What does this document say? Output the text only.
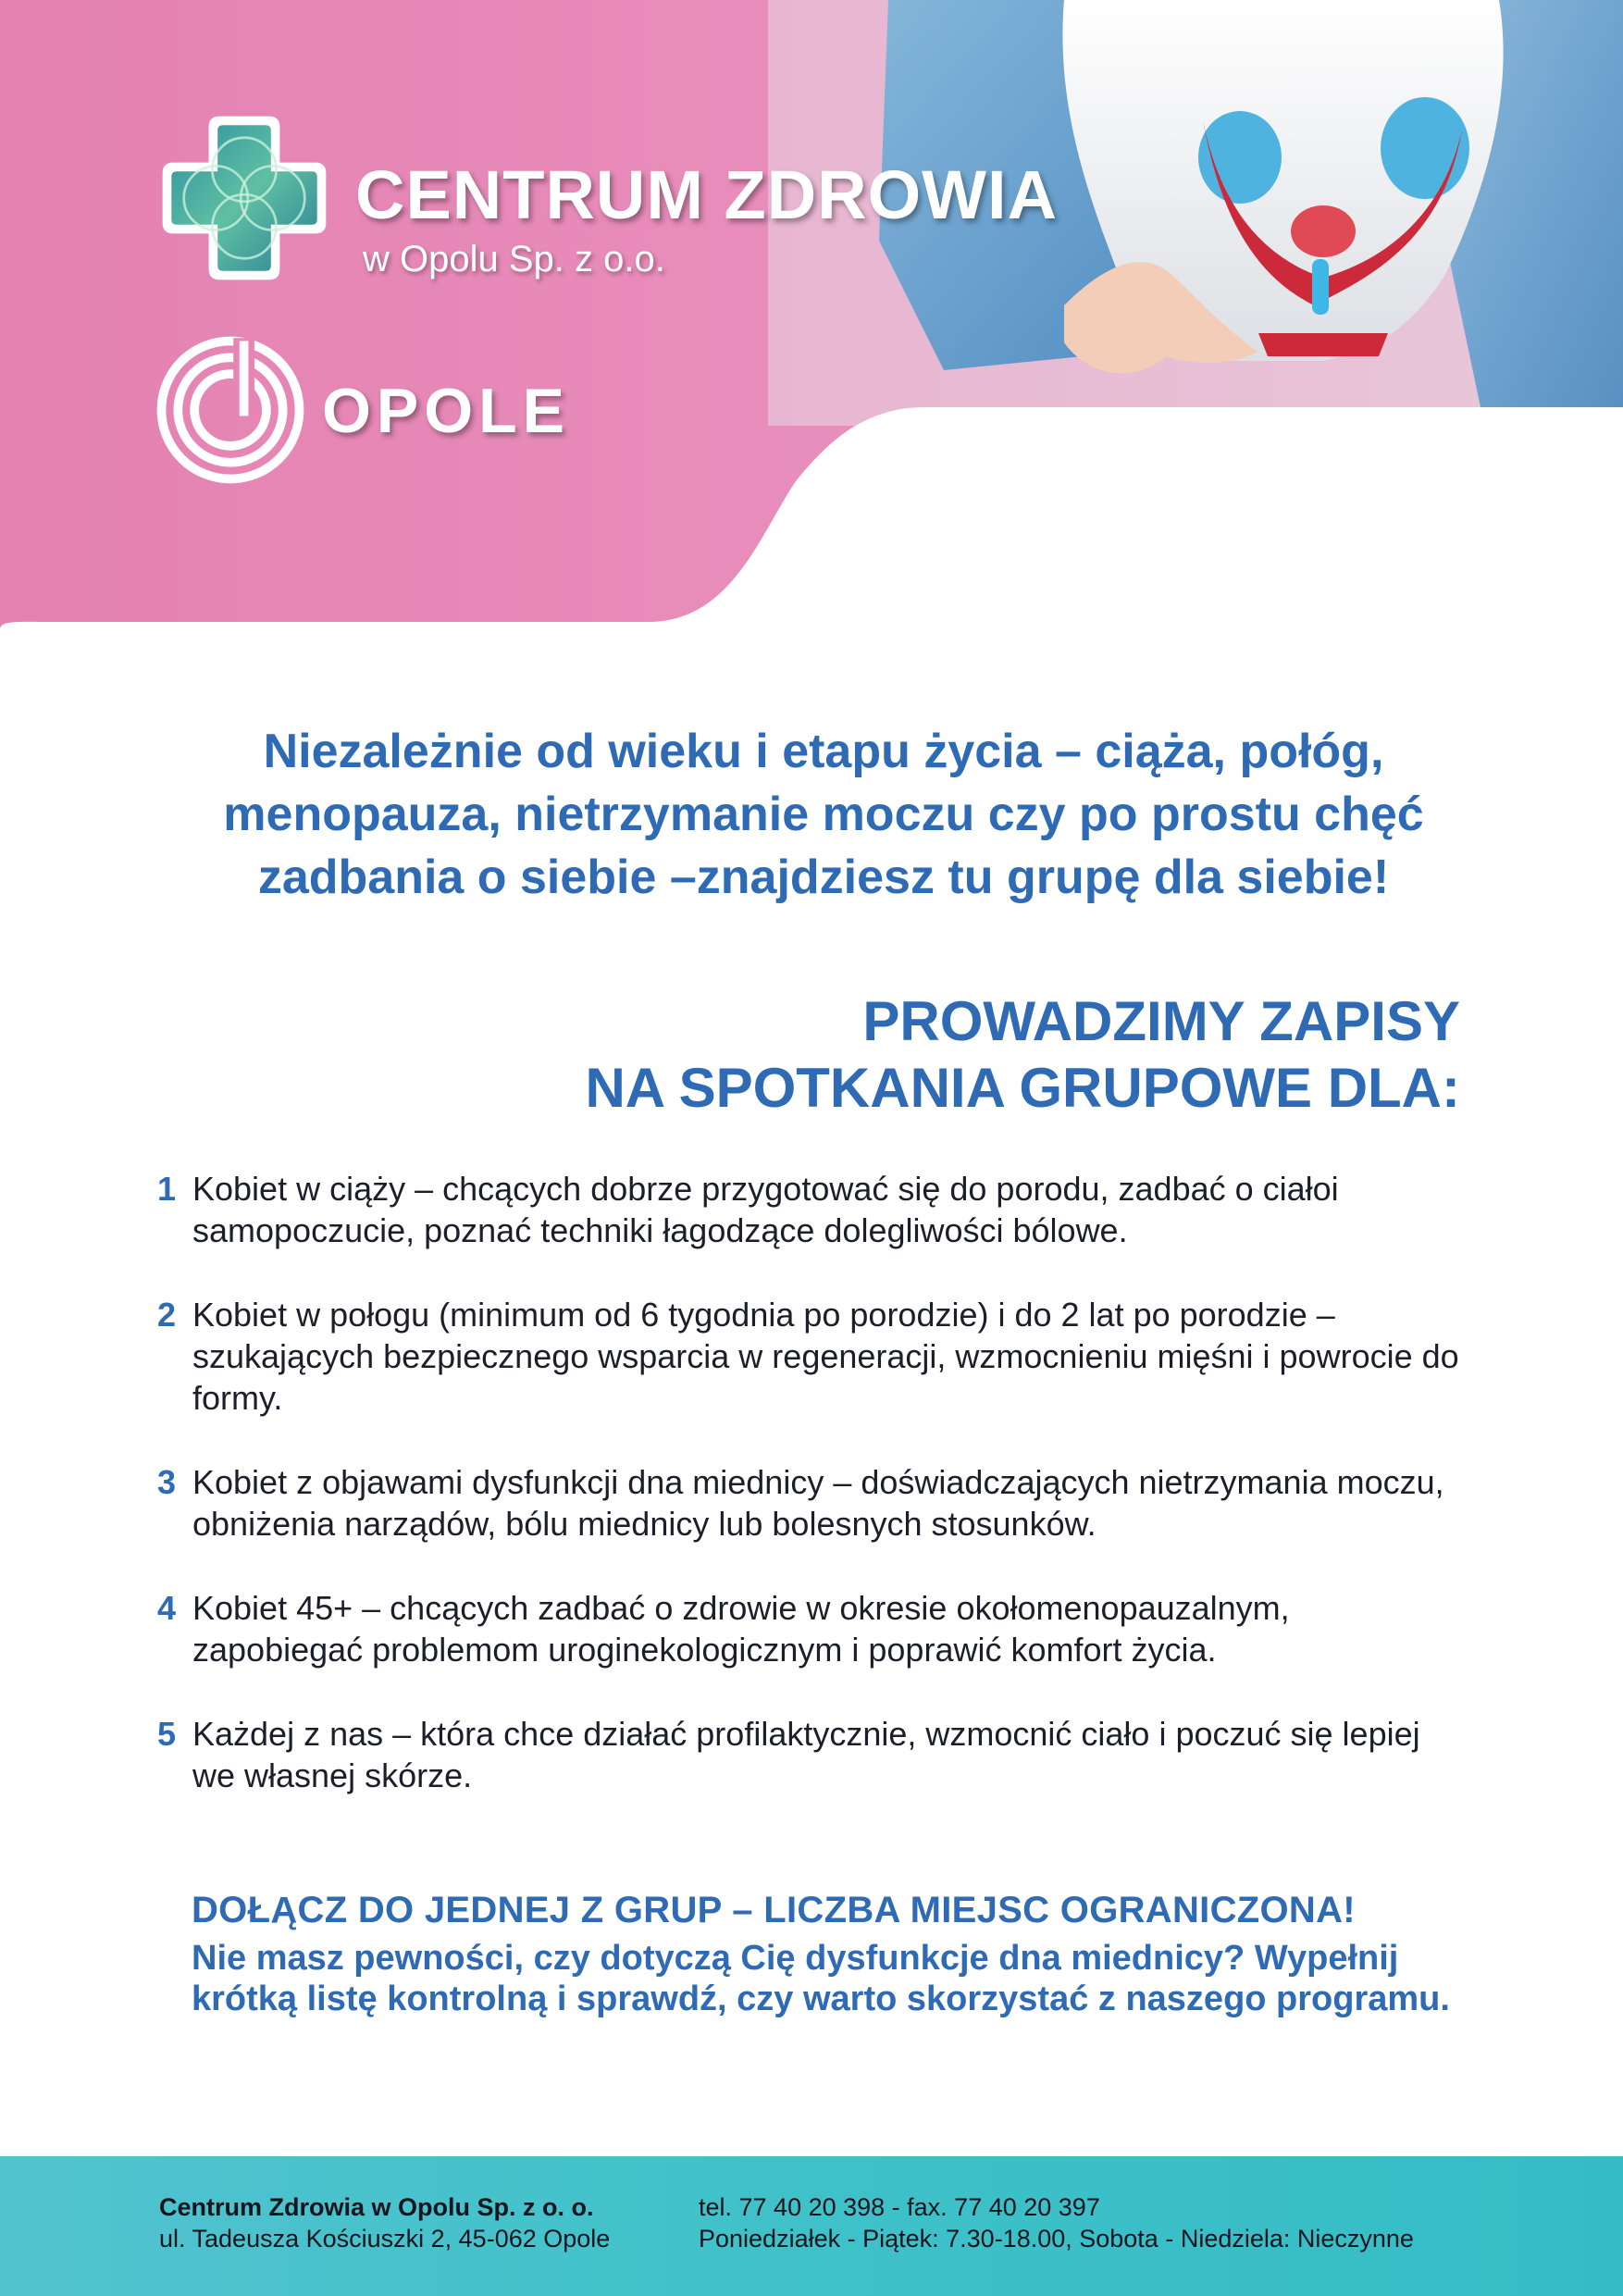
CENTRUM ZDROWIA
w Opolu Sp. z o.o.
OPOLE

Niezależnie od wieku i etapu życia – ciąża, połóg,
menopauza, nietrzymanie moczu czy po prostu chęć
zadbania o siebie –znajdziesz tu grupę dla siebie!

PROWADZIMY ZAPISY
NA SPOTKANIA GRUPOWE DLA:
1 Kobiet w ciąży – chcących dobrze przygotować się do porodu, zadbać o ciałoi samopoczucie, poznać techniki łagodzące dolegliwości bólowe.
2 Kobiet w połogu (minimum od 6 tygodnia po porodzie) i do 2 lat po porodzie – szukających bezpiecznego wsparcia w regeneracji, wzmocnieniu mięśni i powrocie do formy.
3 Kobiet z objawami dysfunkcji dna miednicy – doświadczających nietrzymania moczu, obniżenia narządów, bólu miednicy lub bolesnych stosunków.
4 Kobiet 45+ – chcących zadbać o zdrowie w okresie okołomenopauzalnym, zapobiegać problemom uroginekologicznym i poprawić komfort życia.
5 Każdej z nas – która chce działać profilaktycznie, wzmocnić ciało i poczuć się lepiej we własnej skórze.

DOŁĄCZ DO JEDNEJ Z GRUP – LICZBA MIEJSC OGRANICZONA!

Nie masz pewności, czy dotyczą Cię dysfunkcje dna miednicy? Wypełnij krótką listę kontrolną i sprawdź, czy warto skorzystać z naszego programu.

Centrum Zdrowia w Opolu Sp. z o. o.
ul. Tadeusza Kościuszki 2, 45-062 Opole
tel. 77 40 20 398 - fax. 77 40 20 397
Poniedziałek - Piątek: 7.30-18.00, Sobota - Niedziela: Nieczynne
